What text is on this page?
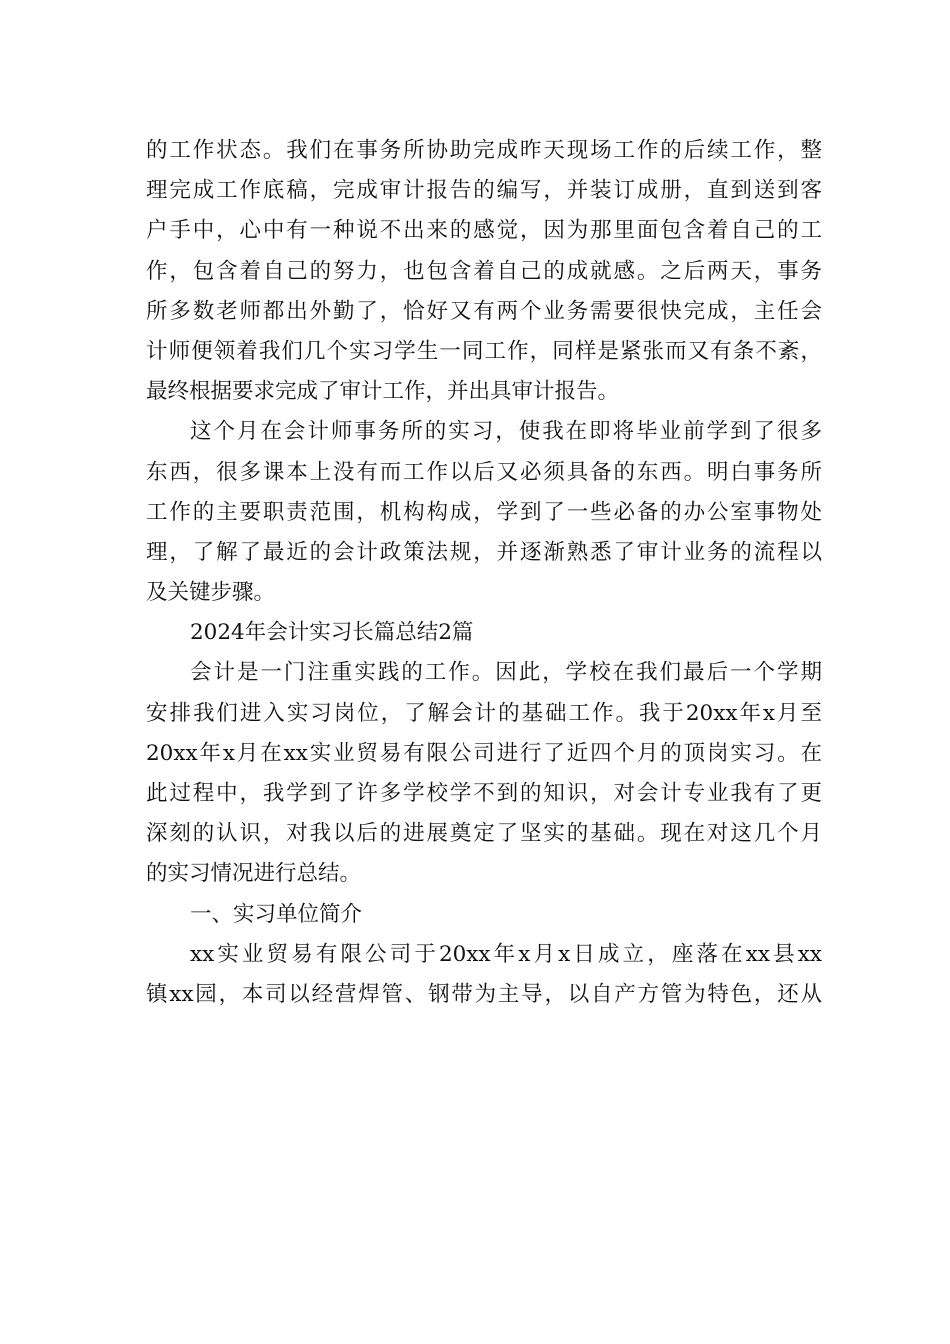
的工作状态。我们在事务所协助完成昨天现场工作的后续工作，整
理完成工作底稿，完成审计报告的编写，并装订成册，直到送到客
户手中，心中有一种说不出来的感觉，因为那里面包含着自己的工
作，包含着自己的努力，也包含着自己的成就感。之后两天，事务
所多数老师都出外勤了，恰好又有两个业务需要很快完成，主任会
计师便领着我们几个实习学生一同工作，同样是紧张而又有条不紊，
最终根据要求完成了审计工作，并出具审计报告。
这个月在会计师事务所的实习，使我在即将毕业前学到了很多
东西，很多课本上没有而工作以后又必须具备的东西。明白事务所
工作的主要职责范围，机构构成，学到了一些必备的办公室事物处
理，了解了最近的会计政策法规，并逐渐熟悉了审计业务的流程以
及关键步骤。
2024年会计实习长篇总结2篇
会计是一门注重实践的工作。因此，学校在我们最后一个学期
安排我们进入实习岗位，了解会计的基础工作。我于20xx年x月至
20xx年x月在xx实业贸易有限公司进行了近四个月的顶岗实习。在
此过程中，我学到了许多学校学不到的知识，对会计专业我有了更
深刻的认识，对我以后的进展奠定了坚实的基础。现在对这几个月
的实习情况进行总结。
一、实习单位简介
xx实业贸易有限公司于20xx年x月x日成立，座落在xx县xx
镇xx园，本司以经营焊管、钢带为主导，以自产方管为特色，还从
